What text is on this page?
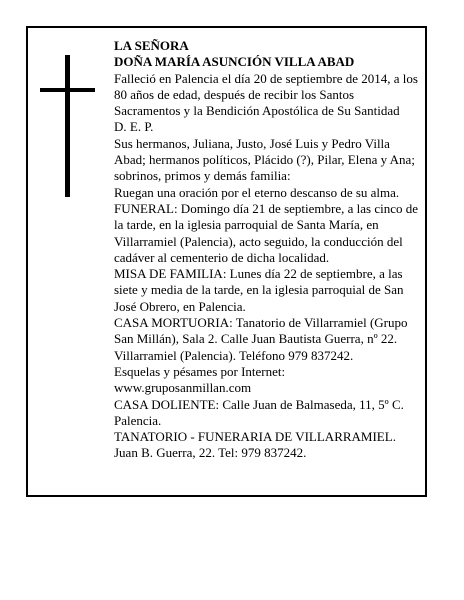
LA SEÑORA

DOÑA MARÍA ASUNCIÓN VILLA ABAD

Falleció en Palencia el día 20 de septiembre de 2014, a los 80 años de edad, después de recibir los Santos Sacramentos y la Bendición Apostólica de Su Santidad

D. E. P.

Sus hermanos, Juliana, Justo, José Luis y Pedro Villa Abad; hermanos políticos, Plácido (?), Pilar, Elena y Ana; sobrinos, primos y demás familia:

Ruegan una oración por el eterno descanso de su alma.

FUNERAL: Domingo día 21 de septiembre, a las cinco de la tarde, en la iglesia parroquial de Santa María, en Villarramiel (Palencia), acto seguido, la conducción del cadáver al cementerio de dicha localidad.

MISA DE FAMILIA: Lunes día 22 de septiembre, a las siete y media de la tarde, en la iglesia parroquial de San José Obrero, en Palencia.

CASA MORTUORIA: Tanatorio de Villarramiel (Grupo San Millán), Sala 2. Calle Juan Bautista Guerra, nº 22. Villarramiel (Palencia). Teléfono 979 837242.

Esquelas y pésames por Internet:

www.gruposanmillan.com

CASA DOLIENTE: Calle Juan de Balmaseda, 11, 5º C. Palencia.

TANATORIO - FUNERARIA DE VILLARRAMIEL. Juan B. Guerra, 22. Tel: 979 837242.
